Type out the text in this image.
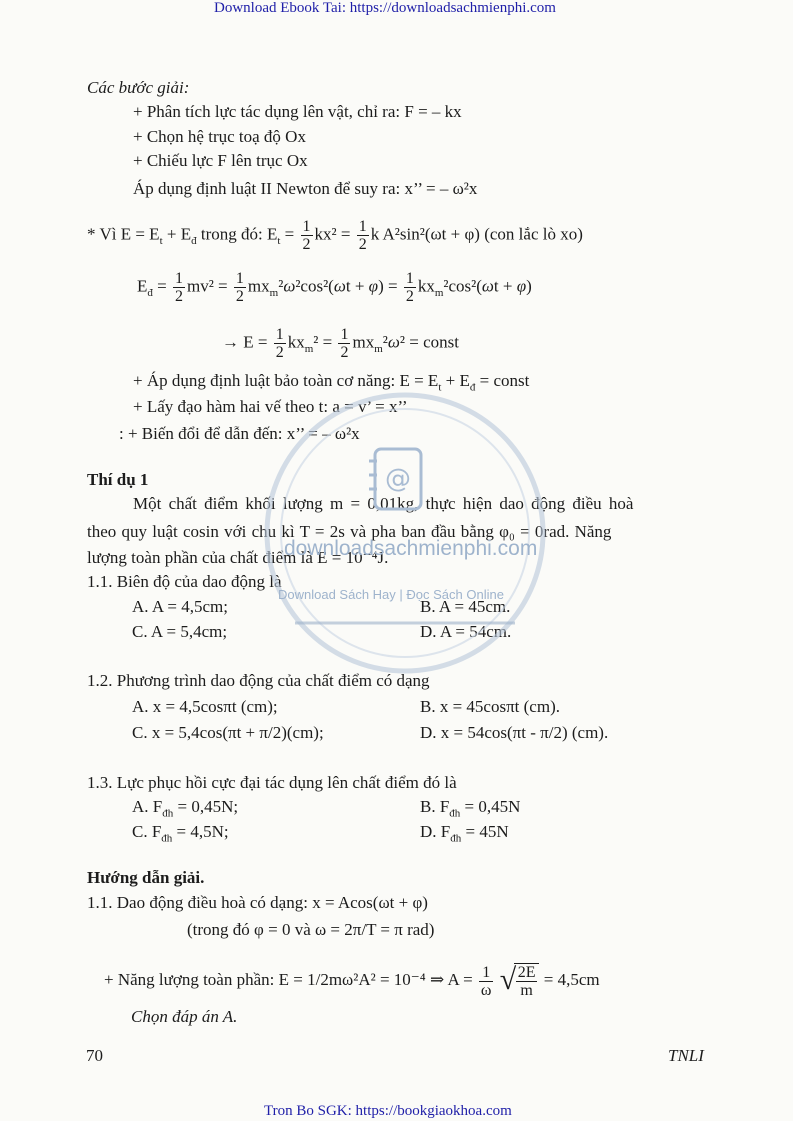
Download Ebook Tai: https://downloadsachmienphi.com
Các bước giải:
+ Phân tích lực tác dụng lên vật, chỉ ra: F = – kx
+ Chọn hệ trục toạ độ Ox
+ Chiếu lực F lên trục Ox
Áp dụng định luật II Newton để suy ra: x’’ = – ω²x
* Vì $E = E_t + E_đ$ trong đó: $E_t = \frac{1}{2} kx^2 = \frac{1}{2}$ k A²sin²(ωt + φ) (con lắc lò xo)
$E_đ = \frac{1}{2} mv^2 = \frac{1}{2} mx_m^2\omega^2\cos^2(\omega t + \varphi) = \frac{1}{2} kx_m^2\cos^2(\omega t + \varphi)$
→ $E = \frac{1}{2} kx_m^2 = \frac{1}{2} mx_m^2\omega^2$ = const
+ Áp dụng định luật bảo toàn cơ năng: $E = E_t + E_đ$ = const
+ Lấy đạo hàm hai vế theo t: a = v’ = x’’
: + Biến đổi để dẫn đến: x’’ = – ω²x
Thí dụ 1
Một chất điểm khối lượng m = 0,01kg, thực hiện dao động điều hoà
theo quy luật cosin với chu kì T = 2s và pha ban đầu bằng φ₀ = 0rad. Năng
lượng toàn phần của chất điểm là E = 10⁻⁴J.
1.1. Biên độ của dao động là
A. A = 4,5cm;	B. A = 45cm.
C. A = 5,4cm;	D. A = 54cm.
1.2. Phương trình dao động của chất điểm có dạng
A. x = 4,5cosπt (cm);	B. x = 45cosπt (cm).
C. x = 5,4cos(πt + π/2)(cm);	D. x = 54cos(πt - π/2) (cm).
1.3. Lực phục hồi cực đại tác dụng lên chất điểm đó là
A. $F_{đh} = 0,45N$;	B. $F_{đh} = 0,45N$
C. $F_{đh} = 4,5N$;	D. $F_{đh} = 45N$
Hướng dẫn giải.
1.1. Dao động điều hoà có dạng: x = Acos(ωt + φ)
(trong đó φ = 0 và ω = 2π/T = π rad)
+ Năng lượng toàn phần: E = 1/2mω²A² = 10⁻⁴ ⇒ $A = \frac{1}{\omega}$
√ $\frac{2E}{m} = 4,5cm$
Chọn đáp án A.
70	TNLI
Tron Bo SGK: https://bookgiaokhoa.com
@
downloadsachmienphi.com
Download Sách Hay | Đọc Sách Online
